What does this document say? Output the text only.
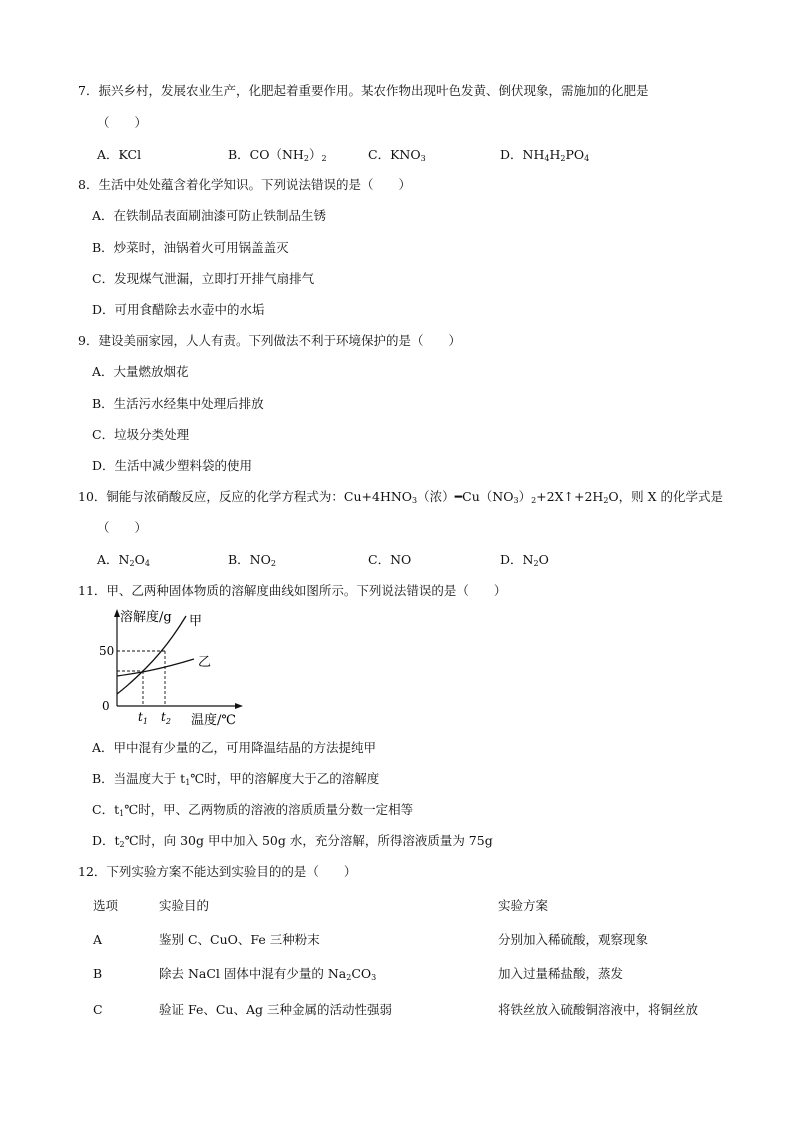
7．振兴乡村，发展农业生产，化肥起着重要作用。某农作物出现叶色发黄、倒伏现象，需施加的化肥是
（　　）
A．KCl	B．$CO(NH_2)_2$	C．$KNO_3$	D．$NH_4H_2PO_4$
8．生活中处处蕴含着化学知识。下列说法错误的是（　　）
A．在铁制品表面刷油漆可防止铁制品生锈
B．炒菜时，油锅着火可用锅盖盖灭
C．发现煤气泄漏，立即打开排气扇排气
D．可用食醋除去水壶中的水垢
9．建设美丽家园，人人有责。下列做法不利于环境保护的是（　　）
A．大量燃放烟花
B．生活污水经集中处理后排放
C．垃圾分类处理
D．生活中减少塑料袋的使用
10．铜能与浓硝酸反应，反应的化学方程式为：$Cu+4HNO_3$（浓）$━Cu(NO_3)_2+2X↑+2H_2O$，则 X 的化学式是
（　　）
A．$N_2O_4$	B．$NO_2$	C．NO	D．$N_2O$
11．甲、乙两种固体物质的溶解度曲线如图所示。下列说法错误的是（　　）
溶解度/g 甲
乙
50
0
$t_1$ $t_2$ 温度/℃
A．甲中混有少量的乙，可用降温结晶的方法提纯甲
B．当温度大于 $t_1℃$时，甲的溶解度大于乙的溶解度
C．$t_1℃$时，甲、乙两物质的溶液的溶质质量分数一定相等
D．$t_2℃$时，向 30g 甲中加入 50g 水，充分溶解，所得溶液质量为 75g
12．下列实验方案不能达到实验目的的是（　　）
选项	实验目的	实验方案
A	鉴别 C、CuO、Fe 三种粉末	分别加入稀硫酸，观察现象
B	除去 NaCl 固体中混有少量的 $Na_2CO_3$	加入过量稀盐酸，蒸发
C	验证 Fe、Cu、Ag 三种金属的活动性强弱	将铁丝放入硫酸铜溶液中，将铜丝放
